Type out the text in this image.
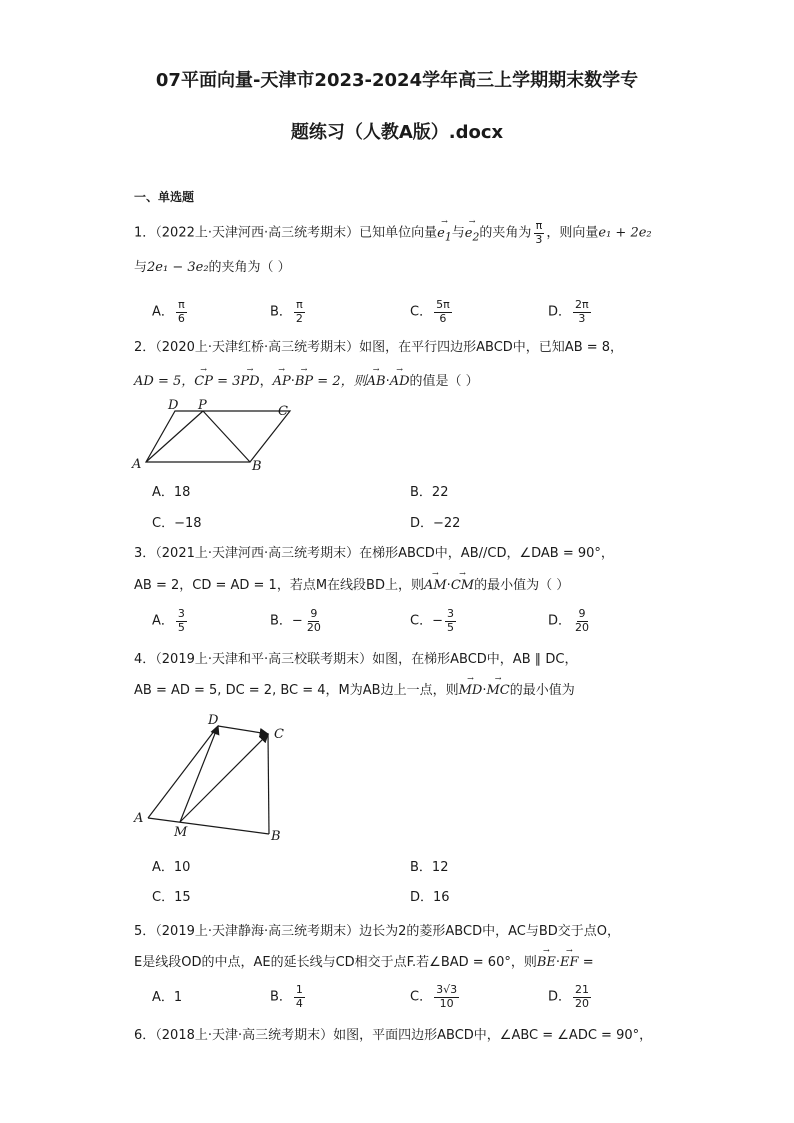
07平面向量-天津市2023-2024学年高三上学期期末数学专
题练习（人教A版）.docx
一、单选题
1．（2022上·天津河西·高三统考期末）已知单位向量→ $e_1$与→ $e_2$的夹角为 $\frac{\pi}{3}$ ，则向量e₁ + 2e₂
与2e₁ − 3e₂的夹角为（ ）
A． $\frac{\pi}{6}$	B． $\frac{\pi}{2}$	C． $\frac{5\pi}{6}$	D． $\frac{2\pi}{3}$
2．（2020上·天津红桥·高三统考期末）如图，在平行四边形ABCD中，已知AB = 8，
AD = 5，→ CP = 3→ PD，→ AP·→ BP = 2，则→ AB·→ AD的值是（ ）
A	B
C
D P
A．18	B．22
C．−18	D．−22
3．（2021上·天津河西·高三统考期末）在梯形ABCD中，AB//CD，∠DAB = 90°，
AB = 2，CD = AD = 1，若点M在线段BD上，则→ AM·→ CM的最小值为（ ）
A． $\frac{3}{5}$	B．− $\frac{9}{20}$	C．− $\frac{3}{5}$	D． $\frac{9}{20}$
4．（2019上·天津和平·高三校联考期末）如图，在梯形ABCD中，AB ∥ DC，
AB = AD = 5, DC = 2, BC = 4，M为AB边上一点，则→ MD·→ MC的最小值为
A
B
C
D
M
A．10	B．12
C．15	D．16
5．（2019上·天津静海·高三统考期末）边长为2的菱形ABCD中，AC与BD交于点O，
E是线段OD的中点，AE的延长线与CD相交于点F.若∠BAD = 60°，则→ BE·→ EF =
A．1	B． $\frac{1}{4}$	C． $\frac{3√3}{10}$	D． $\frac{21}{20}$
6．（2018上·天津·高三统考期末）如图，平面四边形ABCD中，∠ABC = ∠ADC = 90°，
